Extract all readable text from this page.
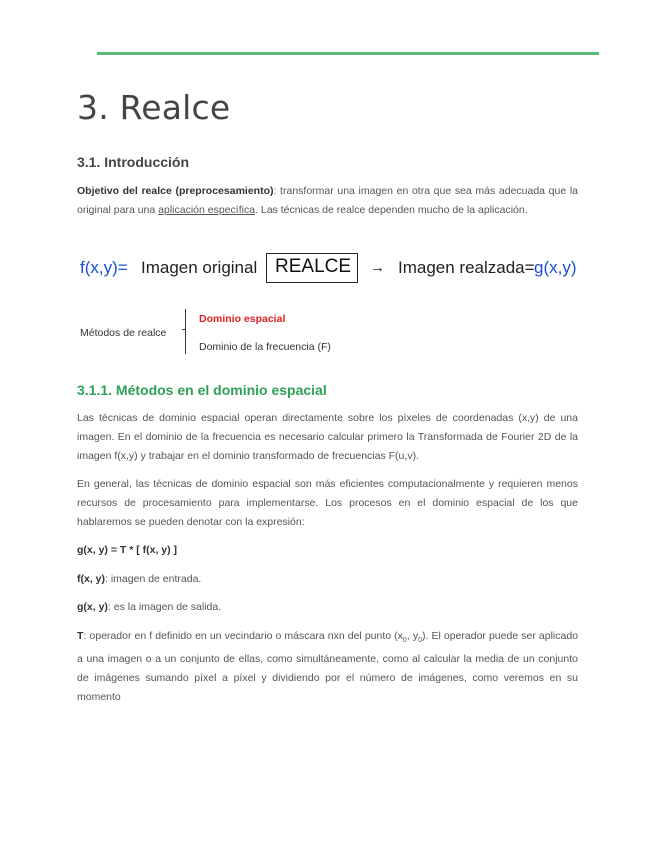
3. Realce
3.1. Introducción

Objetivo del realce (preprocesamiento): transformar una imagen en otra que sea más adecuada que la original para una aplicación específica. Las técnicas de realce dependen mucho de la aplicación.

f(x,y)= Imagen original REALCE → Imagen realzada= g(x,y)
Métodos de realce
Dominio espacial
Dominio de la frecuencia (F)
3.1.1. Métodos en el dominio espacial

Las técnicas de dominio espacial operan directamente sobre los píxeles de coordenadas (x,y) de una imagen. En el dominio de la frecuencia es necesario calcular primero la Transformada de Fourier 2D de la imagen f(x,y) y trabajar en el dominio transformado de frecuencias F(u,v).

En general, las técnicas de dominio espacial son más eficientes computacionalmente y requieren menos recursos de procesamiento para implementarse. Los procesos en el dominio espacial de los que hablaremos se pueden denotar con la expresión:

g(x, y) = T * [ f(x, y) ]

f(x, y): imagen de entrada.

g(x, y): es la imagen de salida.

T: operador en f definido en un vecindario o máscara nxn del punto ($x_0$, $y_0$). El operador puede ser aplicado a una imagen o a un conjunto de ellas, como simultáneamente, como al calcular la media de un conjunto de imágenes sumando píxel a píxel y dividiendo por el número de imágenes, como veremos en su momento
